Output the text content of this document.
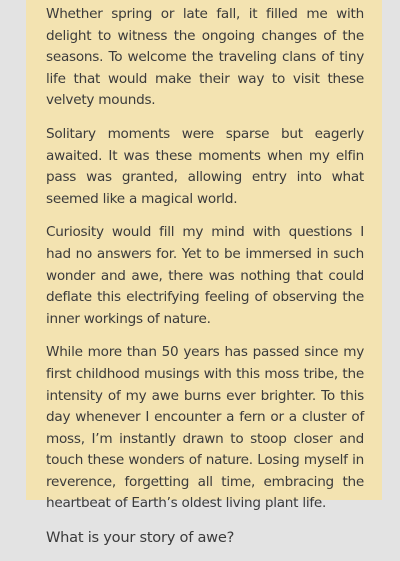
Whether spring or late fall, it filled me with delight to witness the ongoing changes of the seasons. To welcome the traveling clans of tiny life that would make their way to visit these velvety mounds.

Solitary moments were sparse but eagerly awaited. It was these moments when my elfin pass was granted, allowing entry into what seemed like a magical world.

Curiosity would fill my mind with questions I had no answers for. Yet to be immersed in such wonder and awe, there was nothing that could deflate this electrifying feeling of observing the inner workings of nature.

While more than 50 years has passed since my first childhood musings with this moss tribe, the intensity of my awe burns ever brighter. To this day whenever I encounter a fern or a cluster of moss, I’m instantly drawn to stoop closer and touch these wonders of nature. Losing myself in reverence, forgetting all time, embracing the heartbeat of Earth’s oldest living plant life.

What is your story of awe?
